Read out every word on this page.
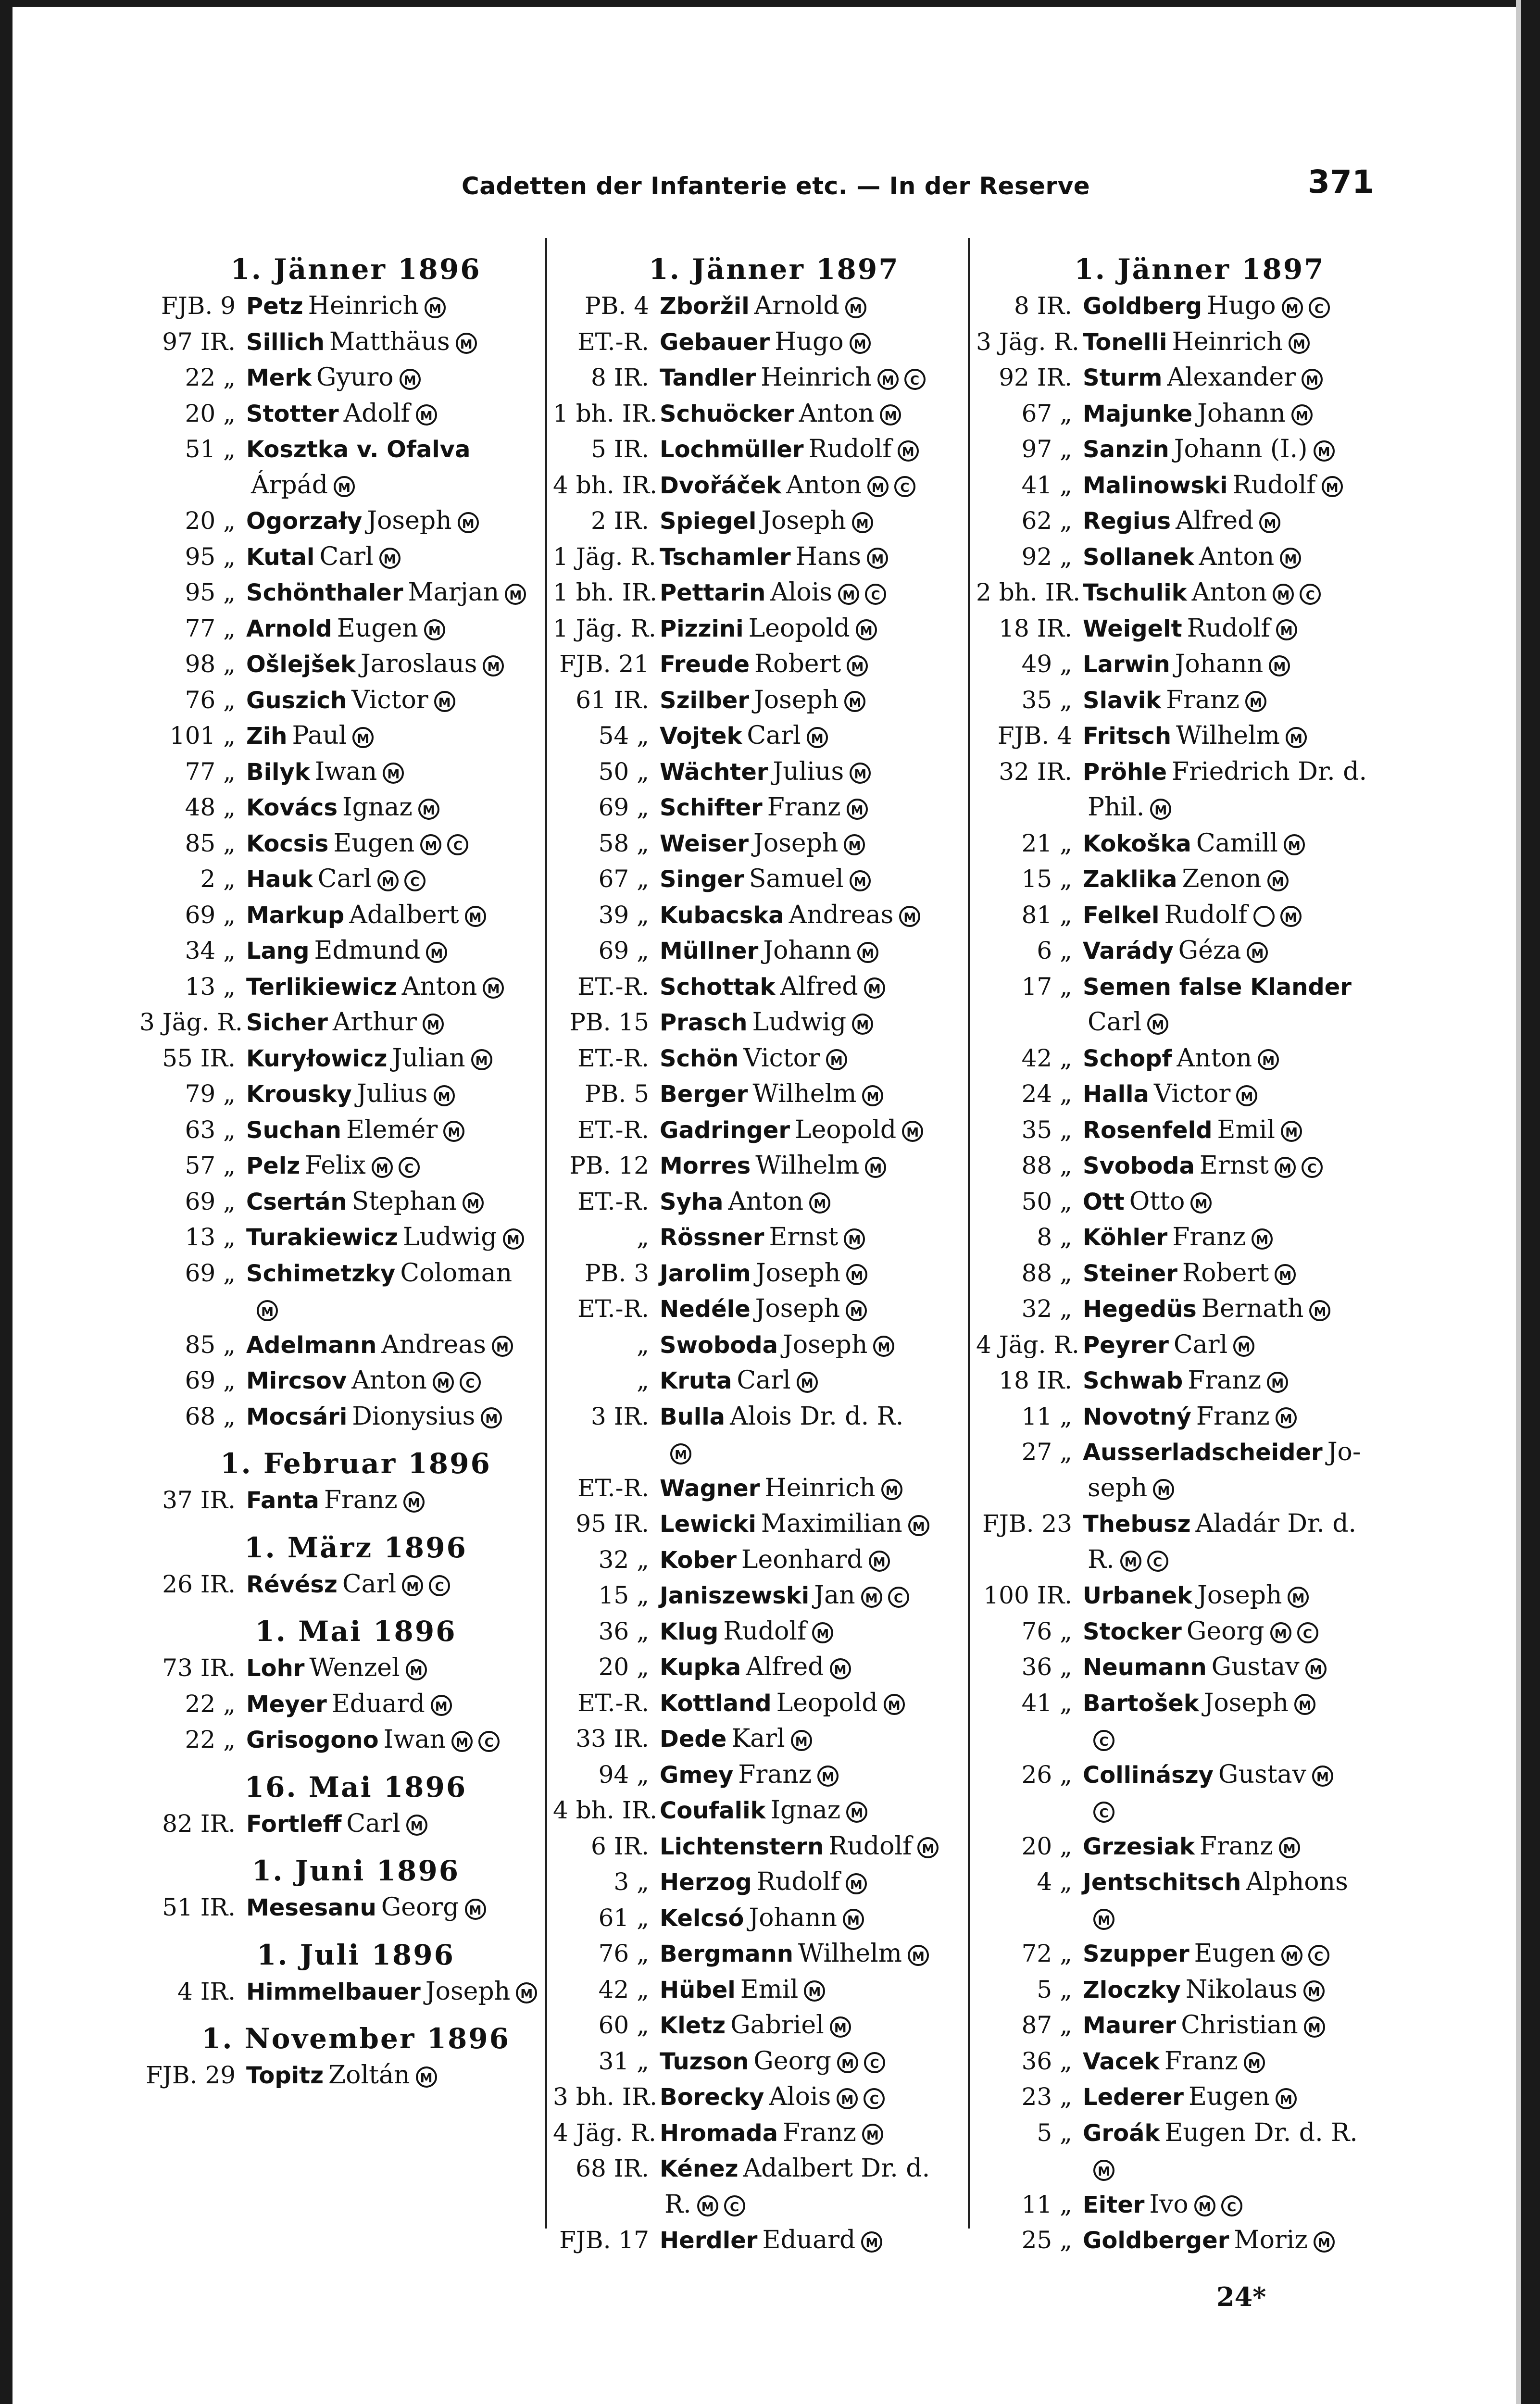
Cadetten der Infanterie etc. — In der Reserve	371
1. Jänner 1896
FJB. 9 Petz Heinrich M
97 IR. Sillich Matthäus M
22 „ Merk Gyuro M
20 „ Stotter Adolf M
51 „ Kosztka v. Ofalva
Árpád M
20 „ Ogorzały Joseph M
95 „ Kutal Carl M
95 „ Schönthaler Marjan M
77 „ Arnold Eugen M
98 „ Ošlejšek Jaroslaus M
76 „ Guszich Victor M
101 „ Zih Paul M
77 „ Bilyk Iwan M
48 „ Kovács Ignaz M
85 „ Kocsis Eugen M C
2 „ Hauk Carl M C
69 „ Markup Adalbert M
34 „ Lang Edmund M
13 „ Terlikiewicz Anton M
3 Jäg. R. Sicher Arthur M
55 IR. Kuryłowicz Julian M
79 „ Krousky Julius M
63 „ Suchan Elemér M
57 „ Pelz Felix M C
69 „ Csertán Stephan M
13 „ Turakiewicz Ludwig M
69 „ Schimetzky Coloman
M
85 „ Adelmann Andreas M
69 „ Mircsov Anton M C
68 „ Mocsári Dionysius M
1. Februar 1896
37 IR. Fanta Franz M
1. März 1896
26 IR. Révész Carl M C
1. Mai 1896
73 IR. Lohr Wenzel M
22 „ Meyer Eduard M
22 „ Grisogono Iwan M C
16. Mai 1896
82 IR. Fortleff Carl M
1. Juni 1896
51 IR. Mesesanu Georg M
1. Juli 1896
4 IR. Himmelbauer Joseph M
1. November 1896
FJB. 29 Topitz Zoltán M
1. Jänner 1897
PB. 4 Zboržil Arnold M
ET.-R. Gebauer Hugo M
8 IR. Tandler Heinrich M C
1 bh. IR. Schuöcker Anton M
5 IR. Lochmüller Rudolf M
4 bh. IR. Dvořáček Anton M C
2 IR. Spiegel Joseph M
1 Jäg. R. Tschamler Hans M
1 bh. IR. Pettarin Alois M C
1 Jäg. R. Pizzini Leopold M
FJB. 21 Freude Robert M
61 IR. Szilber Joseph M
54 „ Vojtek Carl M
50 „ Wächter Julius M
69 „ Schifter Franz M
58 „ Weiser Joseph M
67 „ Singer Samuel M
39 „ Kubacska Andreas M
69 „ Müllner Johann M
ET.-R. Schottak Alfred M
PB. 15 Prasch Ludwig M
ET.-R. Schön Victor M
PB. 5 Berger Wilhelm M
ET.-R. Gadringer Leopold M
PB. 12 Morres Wilhelm M
ET.-R. Syha Anton M
„ Rössner Ernst M
PB. 3 Jarolim Joseph M
ET.-R. Nedéle Joseph M
„ Swoboda Joseph M
„ Kruta Carl M
3 IR. Bulla Alois Dr. d. R.
M
ET.-R. Wagner Heinrich M
95 IR. Lewicki Maximilian M
32 „ Kober Leonhard M
15 „ Janiszewski Jan M C
36 „ Klug Rudolf M
20 „ Kupka Alfred M
ET.-R. Kottland Leopold M
33 IR. Dede Karl M
94 „ Gmey Franz M
4 bh. IR. Coufalik Ignaz M
6 IR. Lichtenstern Rudolf M
3 „ Herzog Rudolf M
61 „ Kelcsó Johann M
76 „ Bergmann Wilhelm M
42 „ Hübel Emil M
60 „ Kletz Gabriel M
31 „ Tuzson Georg M C
3 bh. IR. Borecky Alois M C
4 Jäg. R. Hromada Franz M
68 IR. Kénez Adalbert Dr. d.
R. M C
FJB. 17 Herdler Eduard M
1. Jänner 1897
8 IR. Goldberg Hugo M C
3 Jäg. R. Tonelli Heinrich M
92 IR. Sturm Alexander M
67 „ Majunke Johann M
97 „ Sanzin Johann (I.) M
41 „ Malinowski Rudolf M
62 „ Regius Alfred M
92 „ Sollanek Anton M
2 bh. IR. Tschulik Anton M C
18 IR. Weigelt Rudolf M
49 „ Larwin Johann M
35 „ Slavik Franz M
FJB. 4 Fritsch Wilhelm M
32 IR. Pröhle Friedrich Dr. d.
Phil. M
21 „ Kokoška Camill M
15 „ Zaklika Zenon M
81 „ Felkel Rudolf	M
6 „ Varády Géza M
17 „ Semen false Klander
Carl M
42 „ Schopf Anton M
24 „ Halla Victor M
35 „ Rosenfeld Emil M
88 „ Svoboda Ernst M C
50 „ Ott Otto M
8 „ Köhler Franz M
88 „ Steiner Robert M
32 „ Hegedüs Bernath M
4 Jäg. R. Peyrer Carl M
18 IR. Schwab Franz M
11 „ Novotný Franz M
27 „ Ausserladscheider Jo-
seph M
FJB. 23 Thebusz Aladár Dr. d.
R. M C
100 IR. Urbanek Joseph M
76 „ Stocker Georg M C
36 „ Neumann Gustav M
41 „ Bartošek Joseph M
C
26 „ Collinászy Gustav M
C
20 „ Grzesiak Franz M
4 „ Jentschitsch Alphons
M
72 „ Szupper Eugen M C
5 „ Zloczky Nikolaus M
87 „ Maurer Christian M
36 „ Vacek Franz M
23 „ Lederer Eugen M
5 „ Groák Eugen Dr. d. R.
M
11 „ Eiter Ivo M C
25 „ Goldberger Moriz M
24*
